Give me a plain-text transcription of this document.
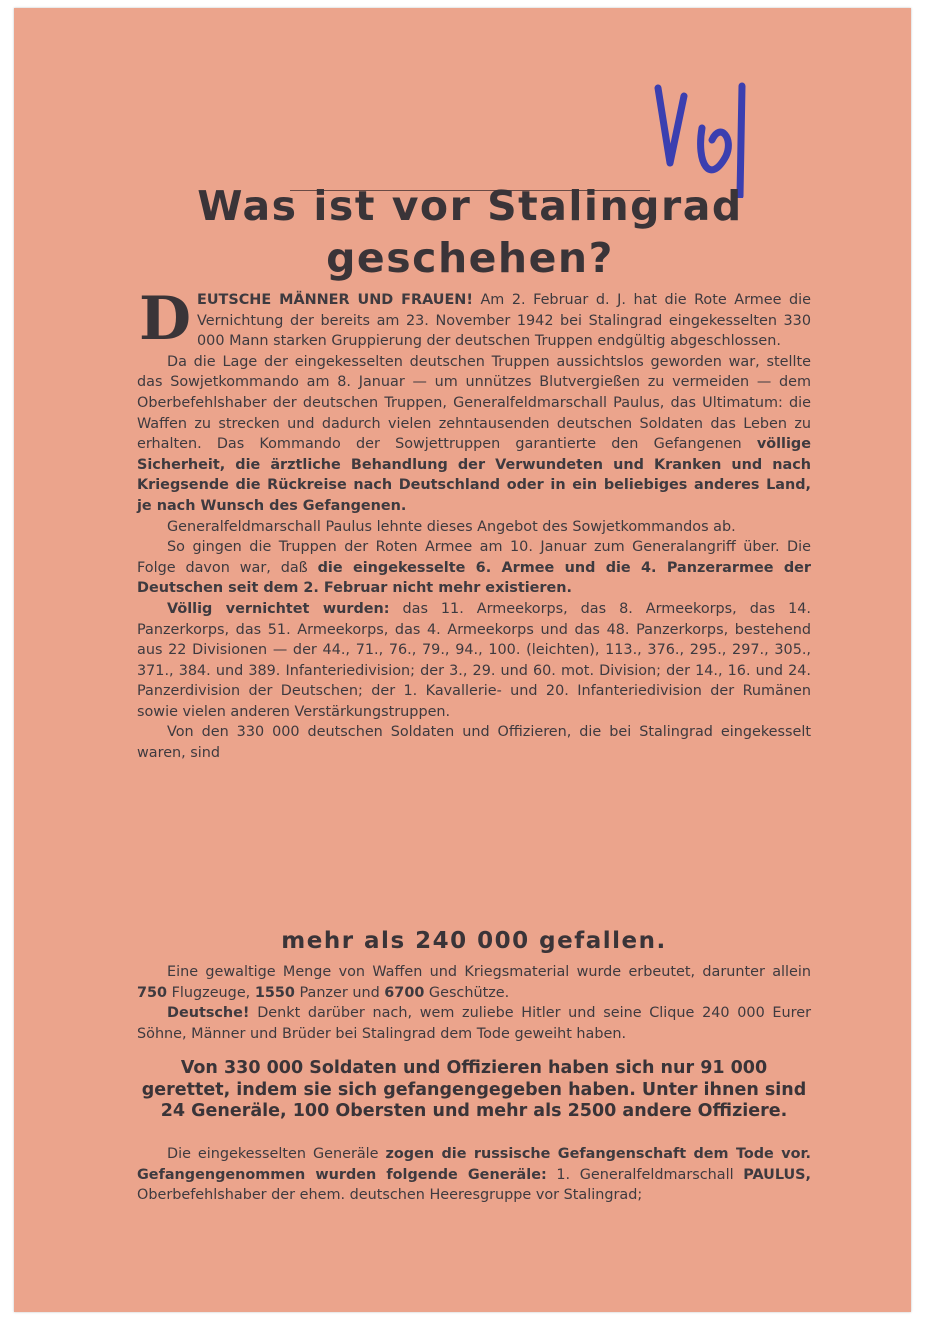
Was ist vor Stalingrad
geschehen?

DEUTSCHE MÄNNER UND FRAUEN! Am 2. Februar d. J. hat die Rote Armee die Vernichtung der bereits am 23. November 1942 bei Stalingrad eingekesselten 330 000 Mann starken Gruppierung der deutschen Truppen endgültig abgeschlossen.

Da die Lage der eingekesselten deutschen Truppen aussichtslos geworden war, stellte das Sowjetkommando am 8. Januar — um unnützes Blutvergießen zu vermeiden — dem Oberbefehlshaber der deutschen Truppen, Generalfeldmarschall Paulus, das Ultimatum: die Waffen zu strecken und dadurch vielen zehntausenden deutschen Soldaten das Leben zu erhalten. Das Kommando der Sowjettruppen garantierte den Gefangenen völlige Sicherheit, die ärztliche Behandlung der Verwundeten und Kranken und nach Kriegsende die Rückreise nach Deutschland oder in ein beliebiges anderes Land, je nach Wunsch des Gefangenen.

Generalfeldmarschall Paulus lehnte dieses Angebot des Sowjetkommandos ab.

So gingen die Truppen der Roten Armee am 10. Januar zum Generalangriff über. Die Folge davon war, daß die eingekesselte 6. Armee und die 4. Panzerarmee der Deutschen seit dem 2. Februar nicht mehr existieren.

Völlig vernichtet wurden: das 11. Armeekorps, das 8. Armeekorps, das 14. Panzerkorps, das 51. Armeekorps, das 4. Armeekorps und das 48. Panzerkorps, bestehend aus 22 Divisionen — der 44., 71., 76., 79., 94., 100. (leichten), 113., 376., 295., 297., 305., 371., 384. und 389. Infanteriedivision; der 3., 29. und 60. mot. Division; der 14., 16. und 24. Panzerdivision der Deutschen; der 1. Kavallerie- und 20. Infanteriedivision der Rumänen sowie vielen anderen Verstärkungstruppen.

Von den 330 000 deutschen Soldaten und Offizieren, die bei Stalingrad eingekesselt waren, sind

mehr als 240 000 gefallen.

Eine gewaltige Menge von Waffen und Kriegsmaterial wurde erbeutet, darunter allein 750 Flugzeuge, 1550 Panzer und 6700 Geschütze.

Deutsche! Denkt darüber nach, wem zuliebe Hitler und seine Clique 240 000 Eurer Söhne, Männer und Brüder bei Stalingrad dem Tode geweiht haben.

Von 330 000 Soldaten und Offizieren haben sich nur 91 000 gerettet, indem sie sich gefangengegeben haben. Unter ihnen sind 24 Generäle, 100 Obersten und mehr als 2500 andere Offiziere.

Die eingekesselten Generäle zogen die russische Gefangenschaft dem Tode vor. Gefangengenommen wurden folgende Generäle: 1. Generalfeldmarschall PAULUS, Oberbefehlshaber der ehem. deutschen Heeresgruppe vor Stalingrad;
